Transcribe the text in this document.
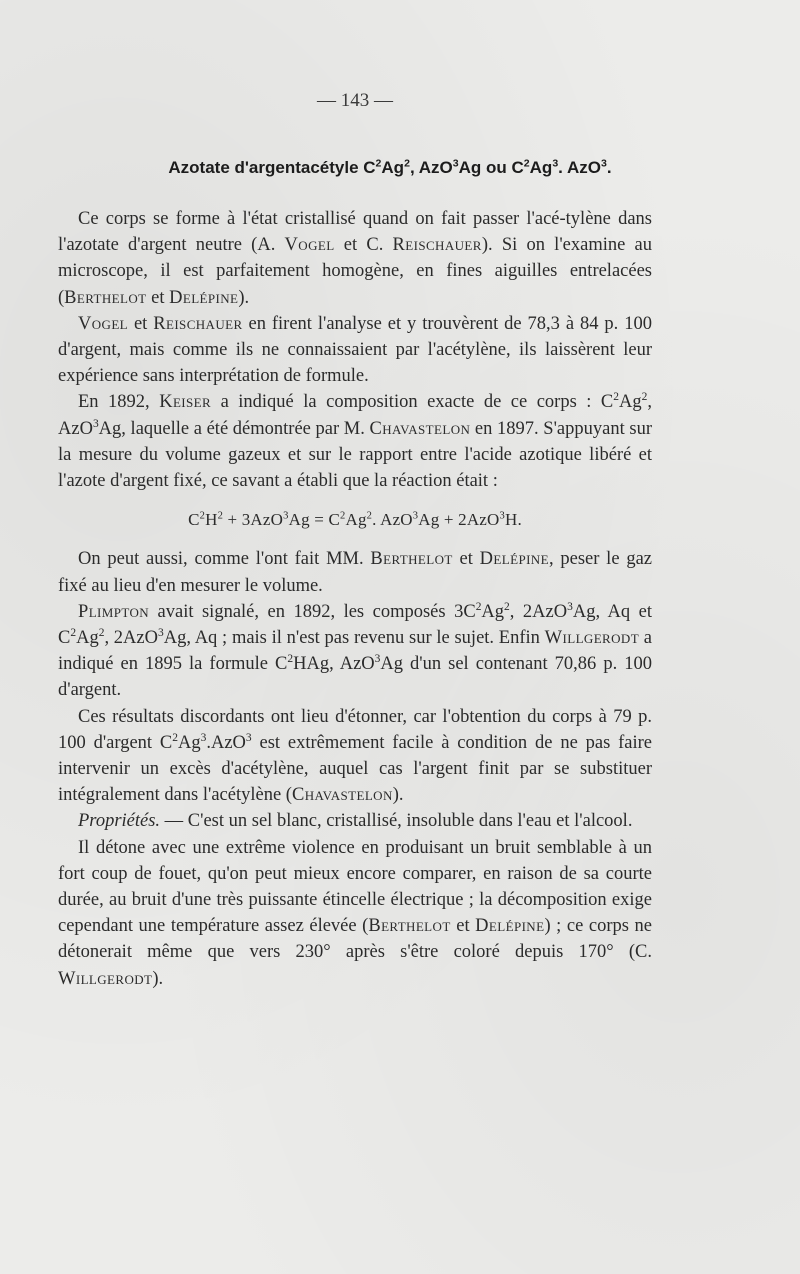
— 143 —
Azotate d'argentacétyle $C^2Ag^2$, AzO$^3$Ag ou $C^2Ag^3$. AzO$^3$.

Ce corps se forme à l'état cristallisé quand on fait passer l'acé-tylène dans l'azotate d'argent neutre (A. Vogel et C. Reischauer). Si on l'examine au microscope, il est parfaitement homogène, en fines aiguilles entrelacées (Berthelot et Delépine).

Vogel et Reischauer en firent l'analyse et y trouvèrent de 78,3 à 84 p. 100 d'argent, mais comme ils ne connaissaient par l'acétylène, ils laissèrent leur expérience sans interprétation de formule.

En 1892, Keiser a indiqué la composition exacte de ce corps : $C^2Ag^2$, AzO$^3$Ag, laquelle a été démontrée par M. Chavastelon en 1897. S'appuyant sur la mesure du volume gazeux et sur le rapport entre l'acide azotique libéré et l'azote d'argent fixé, ce savant a établi que la réaction était :

$C^2H^2 + 3AzO^3Ag = C^2Ag^2$. AzO$^3$Ag + 2AzO$^3$H.

On peut aussi, comme l'ont fait MM. Berthelot et Delépine, peser le gaz fixé au lieu d'en mesurer le volume.

Plimpton avait signalé, en 1892, les composés $3C^2Ag^2$, 2AzO$^3$Ag, Aq et $C^2Ag^2$, 2AzO$^3$Ag, Aq ; mais il n'est pas revenu sur le sujet. Enfin Willgerodt a indiqué en 1895 la formule $C^2HAg$, AzO$^3$Ag d'un sel contenant 70,86 p. 100 d'argent.

Ces résultats discordants ont lieu d'étonner, car l'obtention du corps à 79 p. 100 d'argent $C^2Ag^3.AzO^3$ est extrêmement facile à condition de ne pas faire intervenir un excès d'acétylène, auquel cas l'argent finit par se substituer intégralement dans l'acétylène (Chavastelon).

Propriétés. — C'est un sel blanc, cristallisé, insoluble dans l'eau et l'alcool.

Il détone avec une extrême violence en produisant un bruit semblable à un fort coup de fouet, qu'on peut mieux encore comparer, en raison de sa courte durée, au bruit d'une très puissante étincelle électrique ; la décomposition exige cependant une température assez élevée (Berthelot et Delépine) ; ce corps ne détonerait même que vers 230° après s'être coloré depuis 170° (C. Willgerodt).
